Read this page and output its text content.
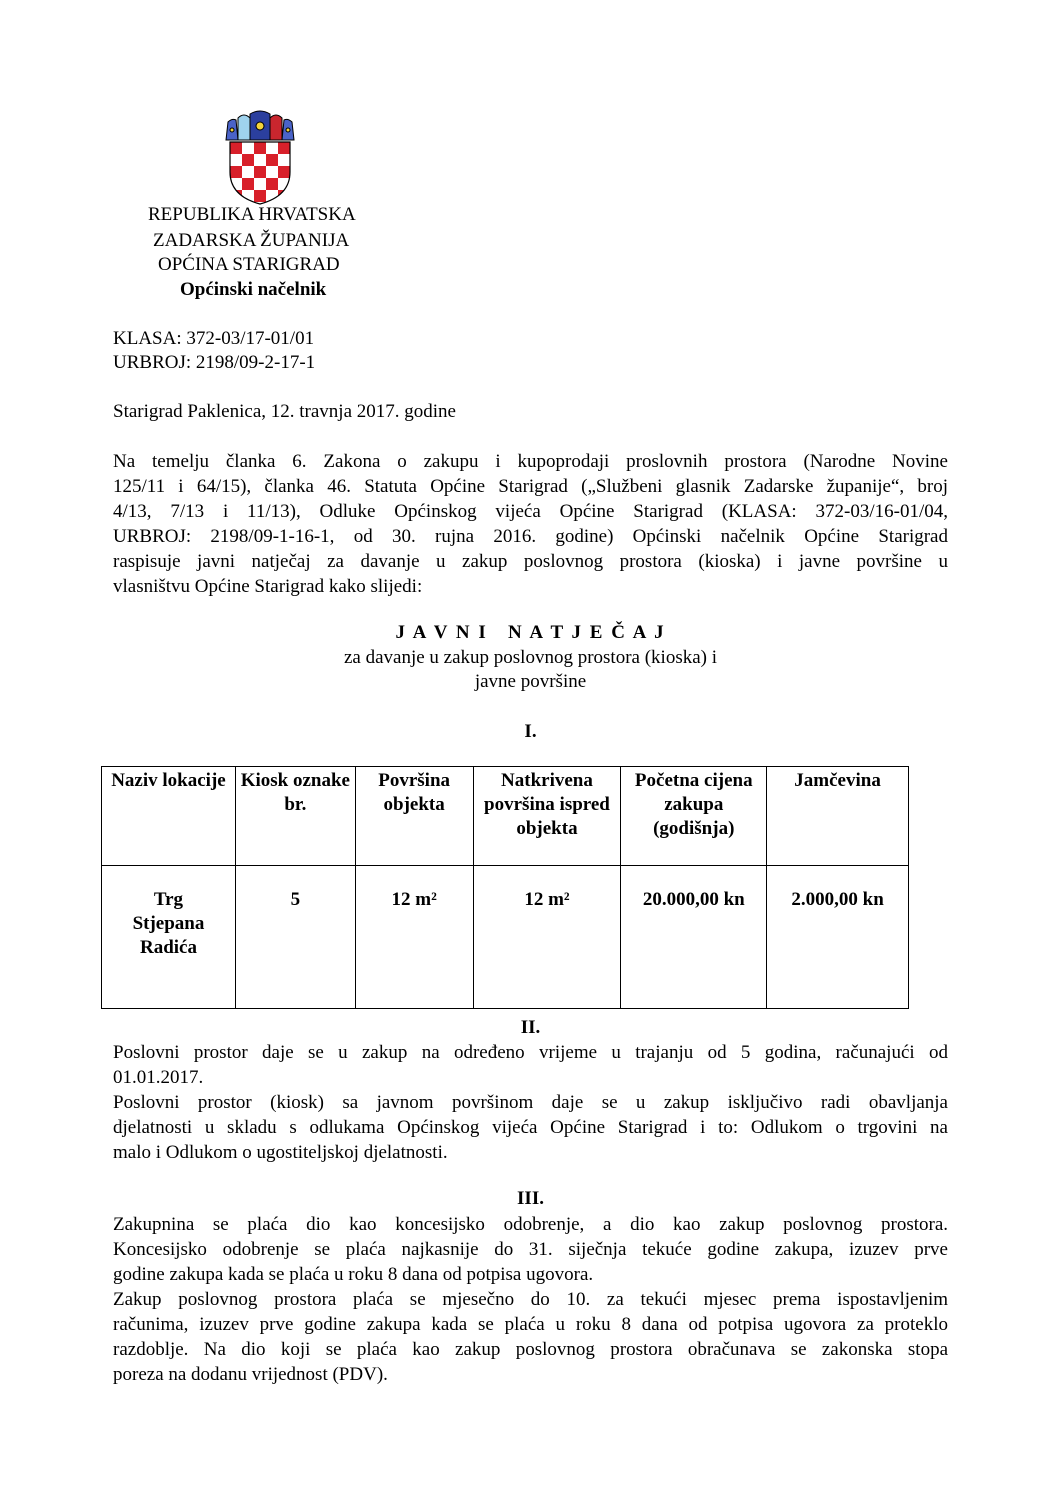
REPUBLIKA HRVATSKA
ZADARSKA ŽUPANIJA
OPĆINA STARIGRAD
Općinski načelnik
KLASA: 372-03/17-01/01
URBROJ: 2198/09-2-17-1
Starigrad Paklenica, 12. travnja 2017. godine
Na temelju članka 6. Zakona o zakupu i kupoprodaji proslovnih prostora (Narodne Novine
125/11 i 64/15), članka 46. Statuta Općine Starigrad („Službeni glasnik Zadarske županije“, broj
4/13, 7/13 i 11/13), Odluke Općinskog vijeća Općine Starigrad (KLASA: 372-03/16-01/04,
URBROJ: 2198/09-1-16-1, od 30. rujna 2016. godine) Općinski načelnik Općine Starigrad
raspisuje javni natječaj za davanje u zakup poslovnog prostora (kioska) i javne površine u
vlasništvu Općine Starigrad kako slijedi:
J A V N I   N A T J E Č A J
za davanje u zakup poslovnog prostora (kioska) i
javne površine
I.
Naziv lokacije	Kiosk oznake br.	Površina objekta	Natkrivena površina ispred objekta	Početna cijena zakupa (godišnja)	Jamčevina
Trg Stjepana Radića	5	12 m²	12 m²	20.000,00 kn	2.000,00 kn
II.
Poslovni prostor daje se u zakup na određeno vrijeme u trajanju od 5 godina, računajući od
01.01.2017.
Poslovni prostor (kiosk) sa javnom površinom daje se u zakup isključivo radi obavljanja
djelatnosti u skladu s odlukama Općinskog vijeća Općine Starigrad i to: Odlukom o trgovini na
malo i Odlukom o ugostiteljskoj djelatnosti.
III.
Zakupnina se plaća dio kao koncesijsko odobrenje, a dio kao zakup poslovnog prostora.
Koncesijsko odobrenje se plaća najkasnije do 31. siječnja tekuće godine zakupa, izuzev prve
godine zakupa kada se plaća u roku 8 dana od potpisa ugovora.
Zakup poslovnog prostora plaća se mjesečno do 10. za tekući mjesec prema ispostavljenim
računima, izuzev prve godine zakupa kada se plaća u roku 8 dana od potpisa ugovora za proteklo
razdoblje. Na dio koji se plaća kao zakup poslovnog prostora obračunava se zakonska stopa
poreza na dodanu vrijednost (PDV).
